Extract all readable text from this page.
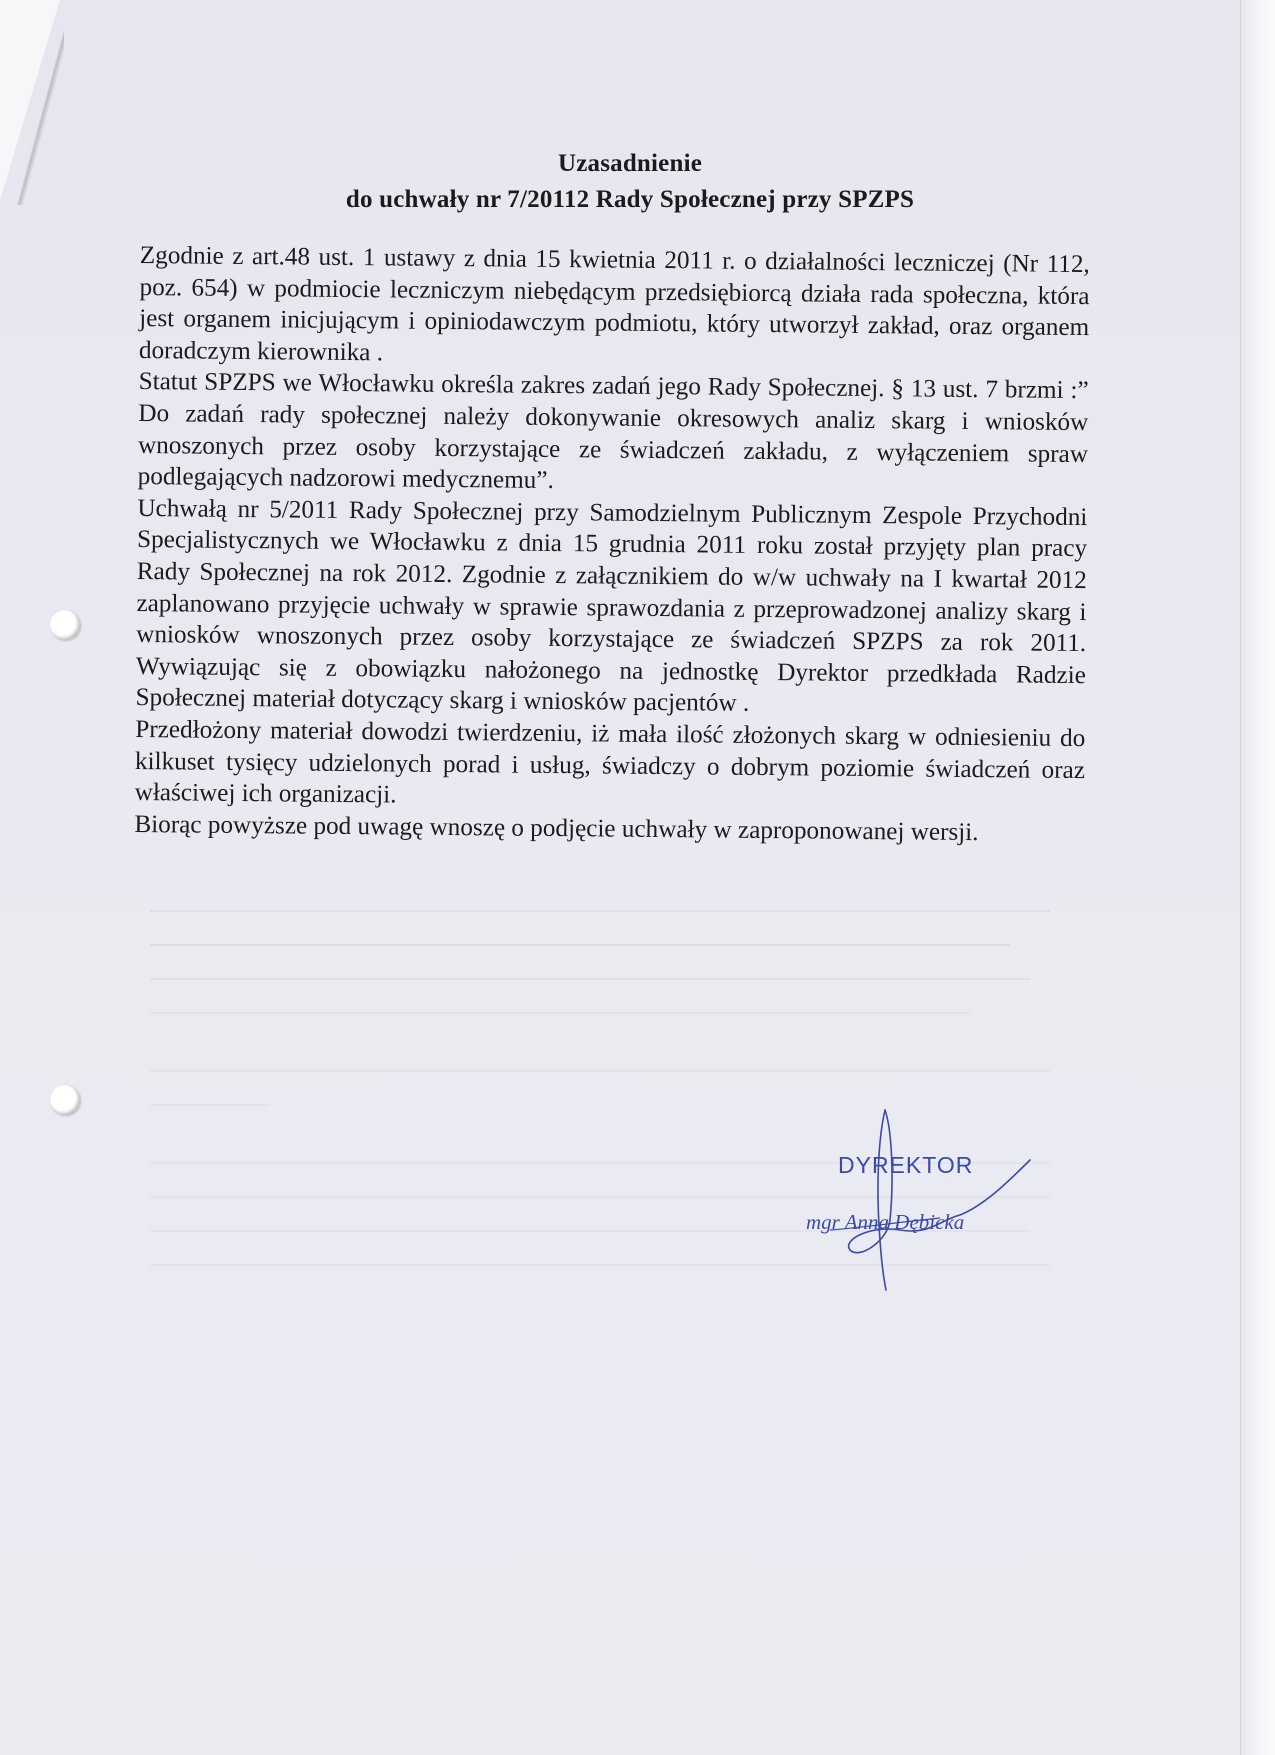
Uzasadnienie
do uchwały nr 7/20112 Rady Społecznej przy SPZPS

Zgodnie z art.48 ust. 1 ustawy z dnia 15 kwietnia 2011 r. o działalności leczniczej (Nr 112, poz. 654) w podmiocie leczniczym niebędącym przedsiębiorcą działa rada społeczna, która jest organem inicjującym i opiniodawczym podmiotu, który utworzył zakład, oraz organem doradczym kierownika .

Statut SPZPS we Włocławku określa zakres zadań jego Rady Społecznej. § 13 ust. 7 brzmi :” Do zadań rady społecznej należy dokonywanie okresowych analiz skarg i wniosków wnoszonych przez osoby korzystające ze świadczeń zakładu, z wyłączeniem spraw podlegających nadzorowi medycznemu”.

Uchwałą nr 5/2011 Rady Społecznej przy Samodzielnym Publicznym Zespole Przychodni Specjalistycznych we Włocławku z dnia 15 grudnia 2011 roku został przyjęty plan pracy Rady Społecznej na rok 2012. Zgodnie z załącznikiem do w/w uchwały na I kwartał 2012 zaplanowano przyjęcie uchwały w sprawie sprawozdania z przeprowadzonej analizy skarg i wniosków wnoszonych przez osoby korzystające ze świadczeń SPZPS za rok 2011. Wywiązując się z obowiązku nałożonego na jednostkę Dyrektor przedkłada Radzie Społecznej materiał dotyczący skarg i wniosków pacjentów .

Przedłożony materiał dowodzi twierdzeniu, iż mała ilość złożonych skarg w odniesieniu do kilkuset tysięcy udzielonych porad i usług, świadczy o dobrym poziomie świadczeń oraz właściwej ich organizacji.

Biorąc powyższe pod uwagę wnoszę o podjęcie uchwały w zaproponowanej wersji.

DYREKTOR
mgr Anna Dębicka
